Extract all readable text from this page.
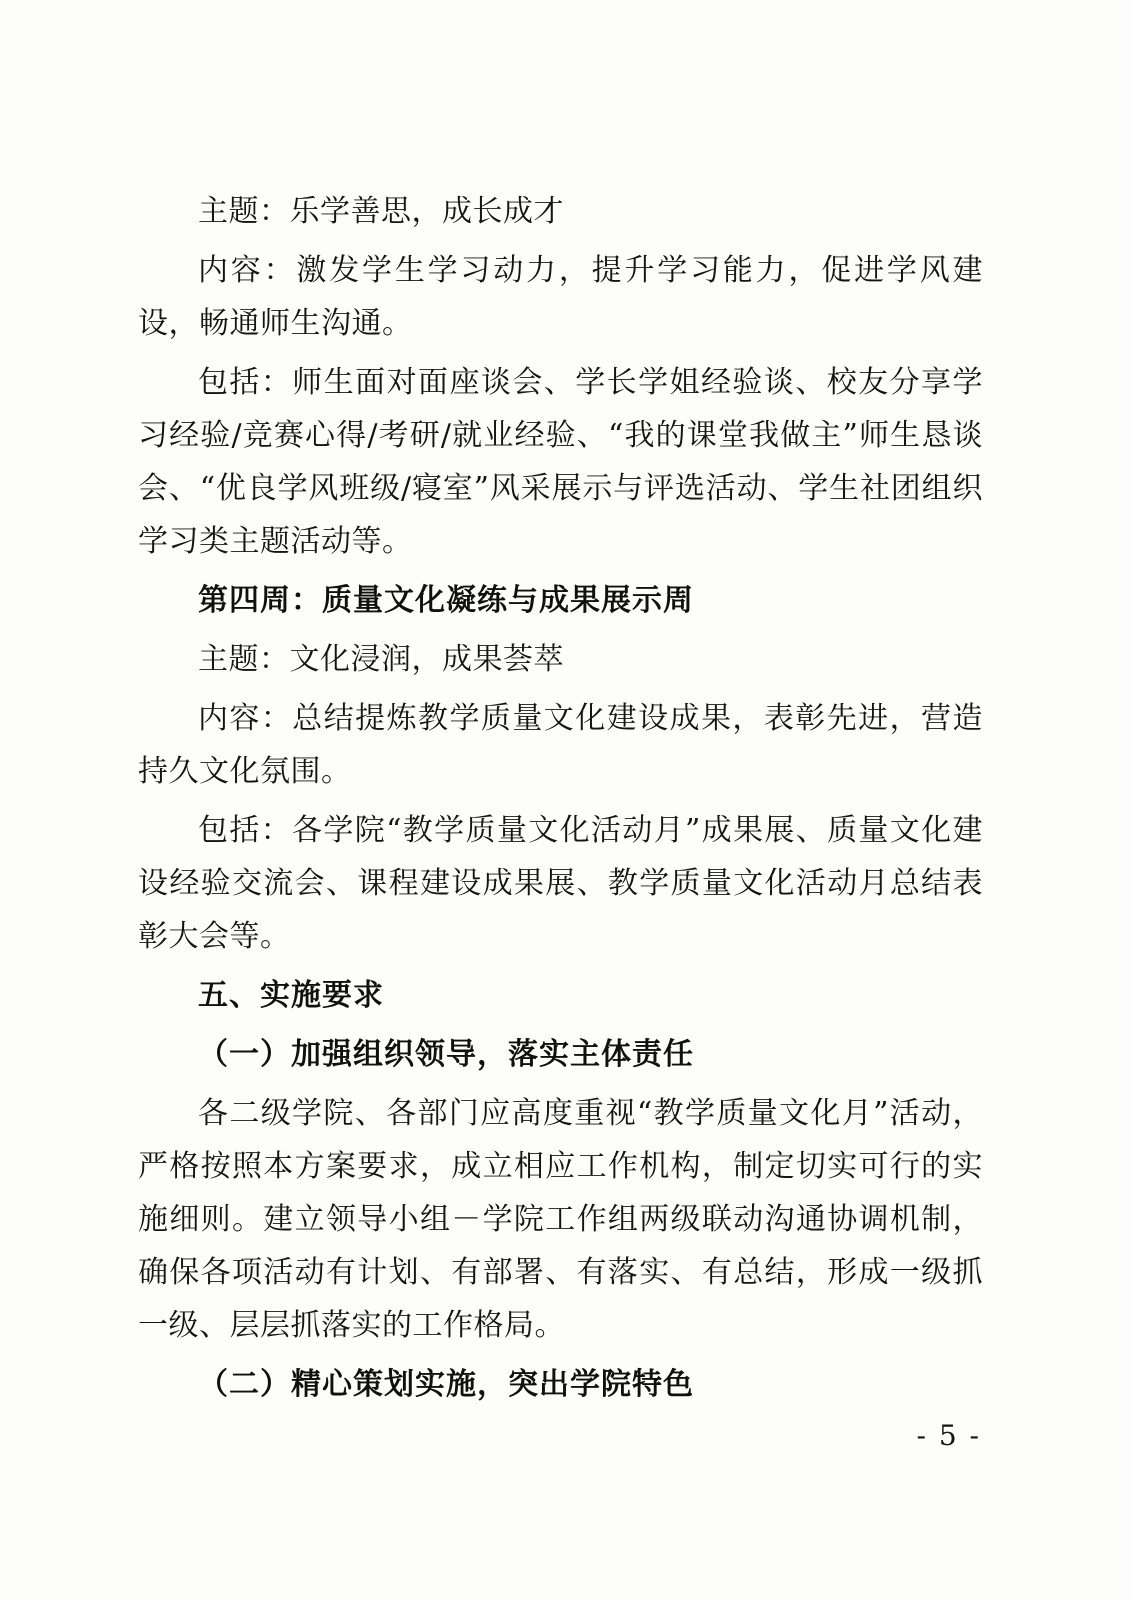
主题：乐学善思，成长成才

内容：激发学生学习动力，提升学习能力，促进学风建设，畅通师生沟通。

包括：师生面对面座谈会、学长学姐经验谈、校友分享学习经验/竞赛心得/考研/就业经验、“我的课堂我做主”师生恳谈会、“优良学风班级/寝室”风采展示与评选活动、学生社团组织学习类主题活动等。

第四周：质量文化凝练与成果展示周

主题：文化浸润，成果荟萃

内容：总结提炼教学质量文化建设成果，表彰先进，营造持久文化氛围。

包括：各学院“教学质量文化活动月”成果展、质量文化建设经验交流会、课程建设成果展、教学质量文化活动月总结表彰大会等。

五、实施要求

（一）加强组织领导，落实主体责任

各二级学院、各部门应高度重视“教学质量文化月”活动，严格按照本方案要求，成立相应工作机构，制定切实可行的实施细则。建立领导小组－学院工作组两级联动沟通协调机制，确保各项活动有计划、有部署、有落实、有总结，形成一级抓一级、层层抓落实的工作格局。

（二）精心策划实施，突出学院特色

- 5 -
